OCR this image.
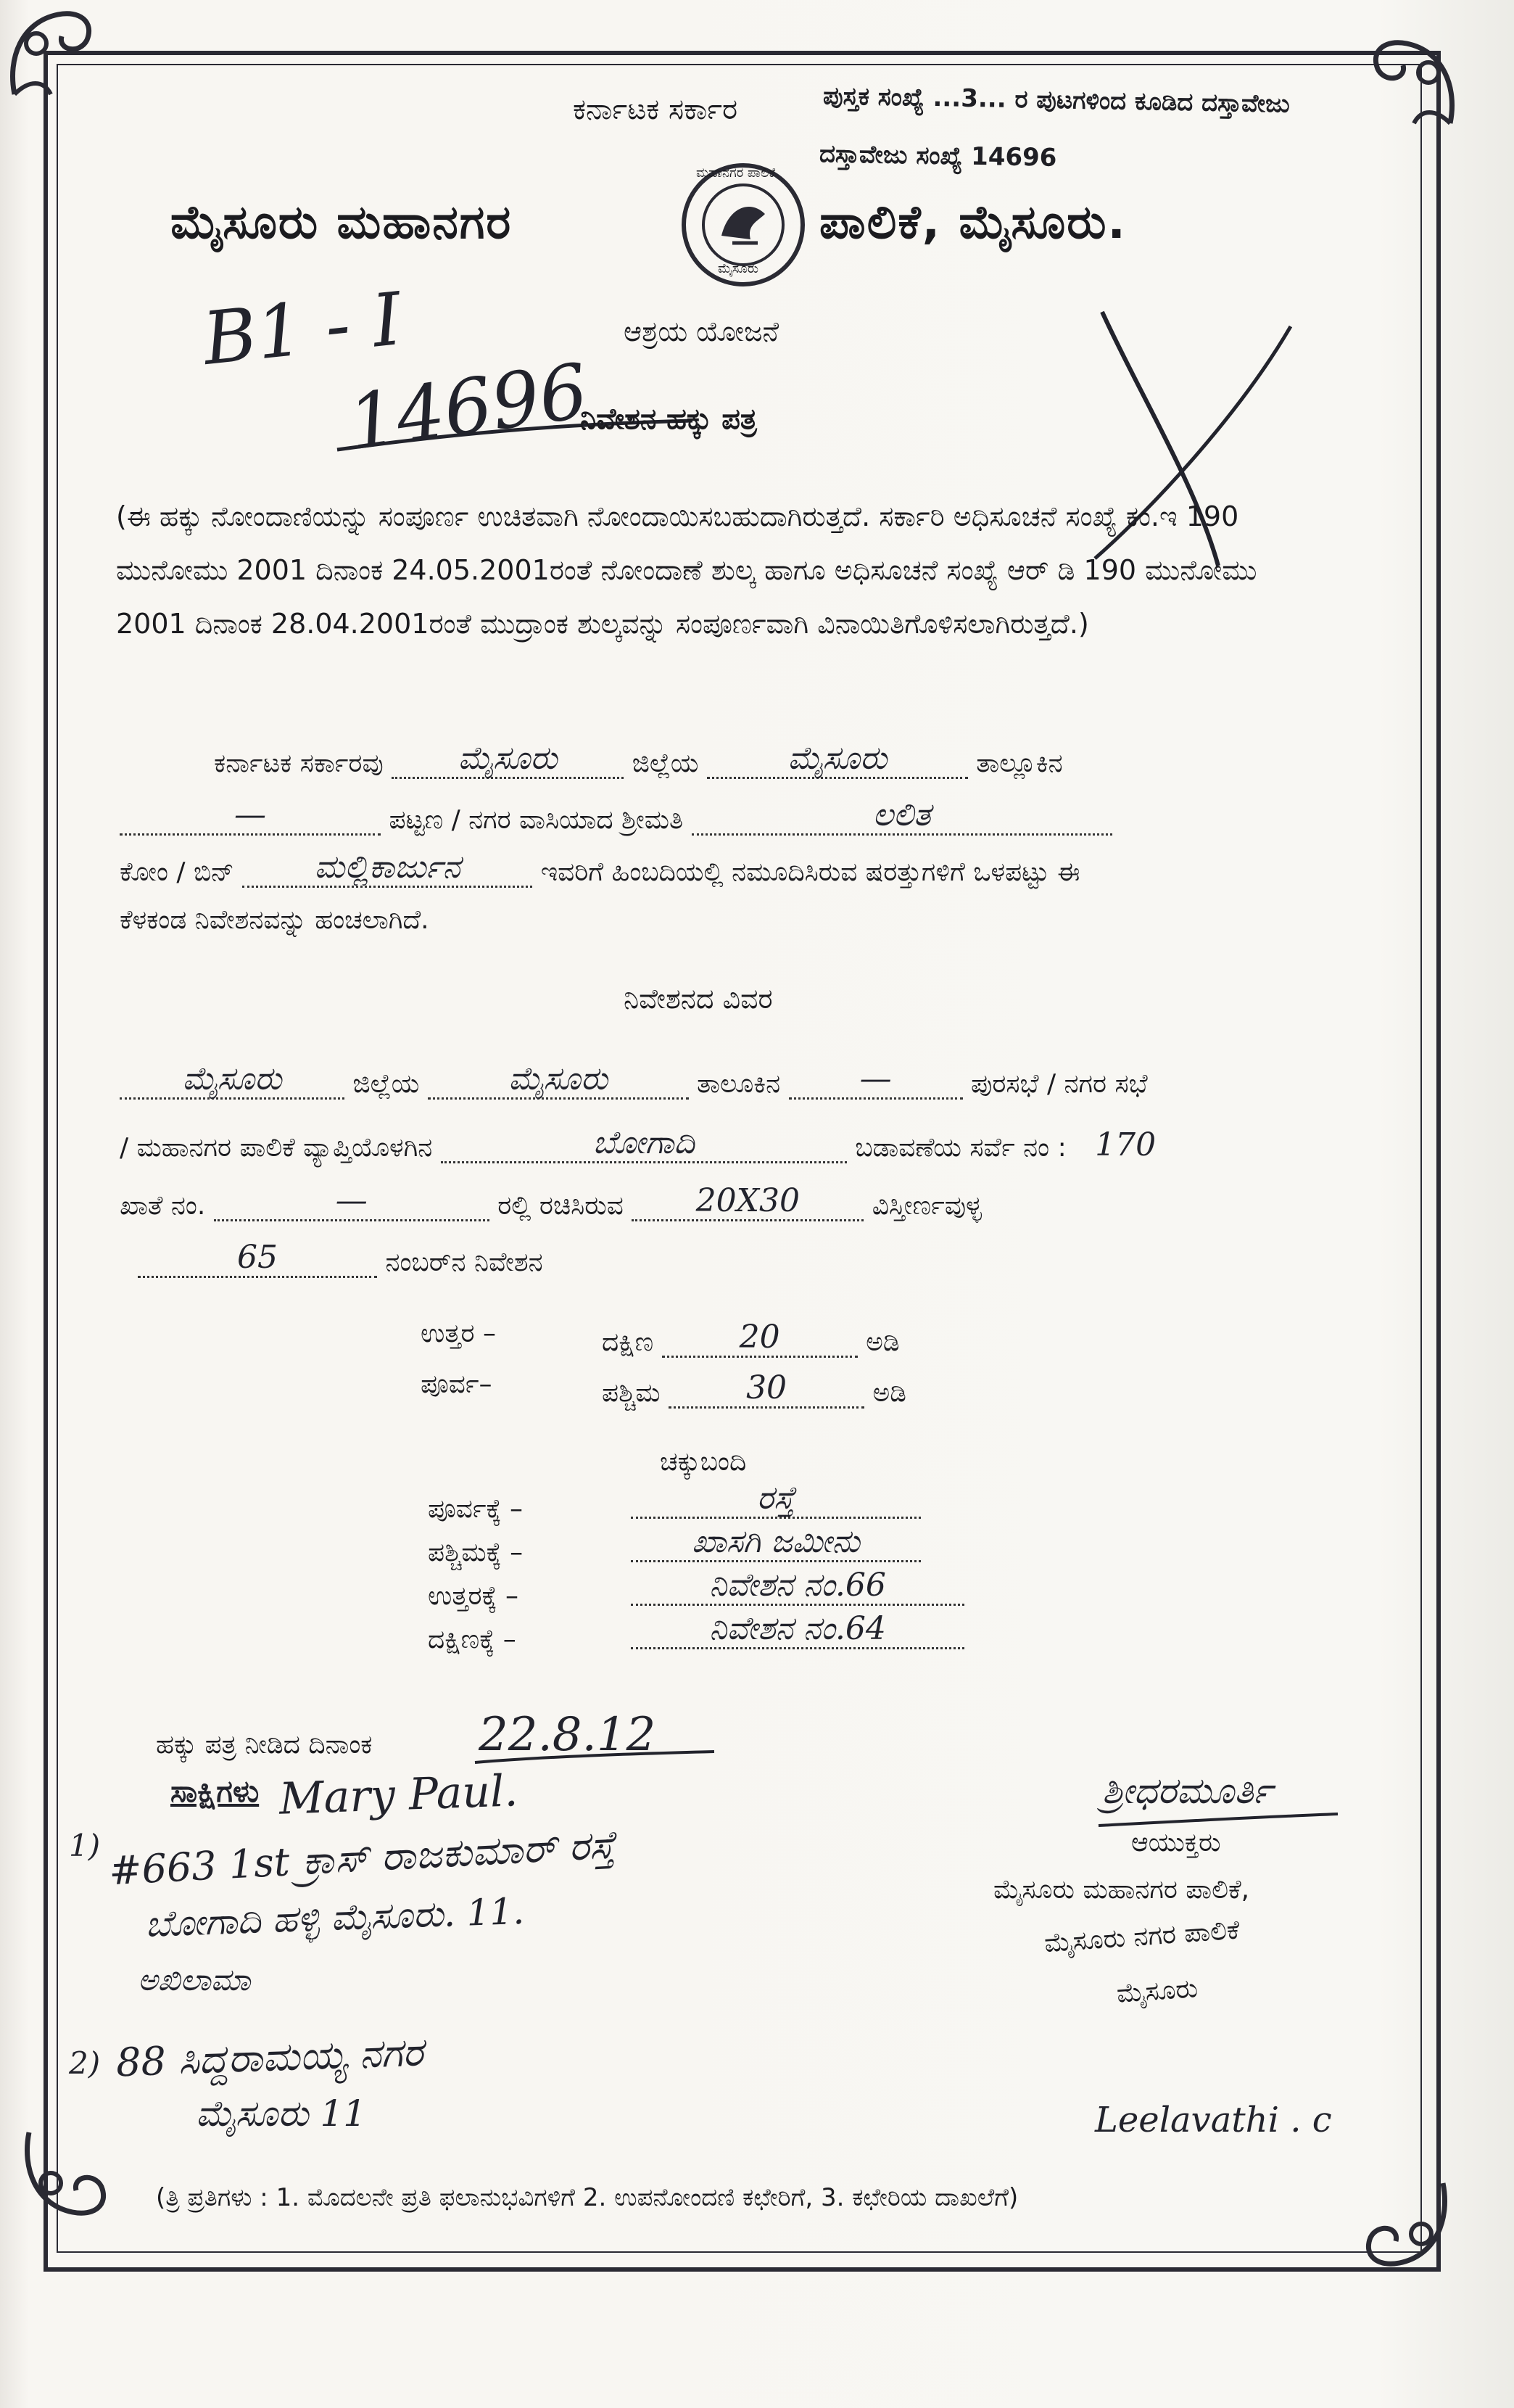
ಕರ್ನಾಟಕ ಸರ್ಕಾರ
ಮೈಸೂರು ಮಹಾನಗರ	ಪಾಲಿಕೆ, ಮೈಸೂರು.
ಮಹಾನಗರ ಪಾಲಿಕೆ
ಮೈಸೂರು
ಪುಸ್ತಕ ಸಂಖ್ಯೆ ...3... ರ ಪುಟಗಳಿಂದ ಕೂಡಿದ ದಸ್ತಾವೇಜು
ದಸ್ತಾವೇಜು ಸಂಖ್ಯೆ 14696
B1 - I
14696
ಆಶ್ರಯ ಯೋಜನೆ
ನಿವೇಶನ ಹಕ್ಕು ಪತ್ರ
(ಈ ಹಕ್ಕು ನೋಂದಾಣಿಯನ್ನು ಸಂಪೂರ್ಣ ಉಚಿತವಾಗಿ ನೋಂದಾಯಿಸಬಹುದಾಗಿರುತ್ತದೆ. ಸರ್ಕಾರಿ ಅಧಿಸೂಚನೆ ಸಂಖ್ಯೆ ಕಂ.ಇ 190 ಮುನೋಮು 2001 ದಿನಾಂಕ 24.05.2001ರಂತೆ ನೋಂದಾಣೆ ಶುಲ್ಕ ಹಾಗೂ ಅಧಿಸೂಚನೆ ಸಂಖ್ಯೆ ಆರ್ ಡಿ 190 ಮುನೋಮು 2001 ದಿನಾಂಕ 28.04.2001ರಂತೆ ಮುದ್ರಾಂಕ ಶುಲ್ಕವನ್ನು ಸಂಪೂರ್ಣವಾಗಿ ವಿನಾಯಿತಿಗೊಳಿಸಲಾಗಿರುತ್ತದೆ.)
ಕರ್ನಾಟಕ ಸರ್ಕಾರವು ಮೈಸೂರು	ಜಿಲ್ಲೆಯ	ಮೈಸೂರು	ತಾಲ್ಲೂಕಿನ
—	ಪಟ್ಟಣ / ನಗರ ವಾಸಿಯಾದ ಶ್ರೀಮತಿ	ಲಲಿತ
ಕೋಂ / ಬಿನ್	ಮಲ್ಲಿಕಾರ್ಜುನ	ಇವರಿಗೆ ಹಿಂಬದಿಯಲ್ಲಿ ನಮೂದಿಸಿರುವ ಷರತ್ತುಗಳಿಗೆ ಒಳಪಟ್ಟು ಈ
ಕೆಳಕಂಡ ನಿವೇಶನವನ್ನು ಹಂಚಲಾಗಿದೆ.
ನಿವೇಶನದ ವಿವರ
ಮೈಸೂರು	ಜಿಲ್ಲೆಯ	ಮೈಸೂರು	ತಾಲೂಕಿನ —	ಪುರಸಭೆ / ನಗರ ಸಭೆ
/ ಮಹಾನಗರ ಪಾಲಿಕೆ ವ್ಯಾಪ್ತಿಯೊಳಗಿನ	ಬೋಗಾದಿ	ಬಡಾವಣೆಯ ಸರ್ವೆ ನಂ : 170
ಖಾತೆ ನಂ.	—	ರಲ್ಲಿ ರಚಿಸಿರುವ 20X30	ವಿಸ್ತೀರ್ಣವುಳ್ಳ
65	ನಂಬರ್‌ನ ನಿವೇಶನ
ಉತ್ತರ –	ದಕ್ಷಿಣ	20	ಅಡಿ
ಪೂರ್ವ–	ಪಶ್ಚಿಮ	30	ಅಡಿ
ಚಕ್ಕುಬಂದಿ
ಪೂರ್ವಕ್ಕೆ –	ರಸ್ತೆ
ಪಶ್ಚಿಮಕ್ಕೆ –	ಖಾಸಗಿ ಜಮೀನು
ಉತ್ತರಕ್ಕೆ –	ನಿವೇಶನ ನಂ.66
ದಕ್ಷಿಣಕ್ಕೆ –	ನಿವೇಶನ ನಂ.64
ಹಕ್ಕು ಪತ್ರ ನೀಡಿದ ದಿನಾಂಕ 22.8.12
ಸಾಕ್ಷಿಗಳು Mary Paul.
1) #663 1st ಕ್ರಾಸ್ ರಾಜಕುಮಾರ್ ರಸ್ತೆ
ಬೋಗಾದಿ ಹಳ್ಳಿ ಮೈಸೂರು. 11.
ಅಖಿಲಾಮಾ
2) 88 ಸಿದ್ದರಾಮಯ್ಯ ನಗರ
ಮೈಸೂರು 11
ಶ್ರೀಧರಮೂರ್ತಿ
ಆಯುಕ್ತರು
ಮೈಸೂರು ಮಹಾನಗರ ಪಾಲಿಕೆ,
ಮೈಸೂರು ನಗರ ಪಾಲಿಕೆ
ಮೈಸೂರು
Leelavathi . c
(ತ್ರಿ ಪ್ರತಿಗಳು : 1. ಮೊದಲನೇ ಪ್ರತಿ ಫಲಾನುಭವಿಗಳಿಗೆ 2. ಉಪನೋಂದಣಿ ಕಛೇರಿಗೆ, 3. ಕಛೇರಿಯ ದಾಖಲೆಗೆ)
